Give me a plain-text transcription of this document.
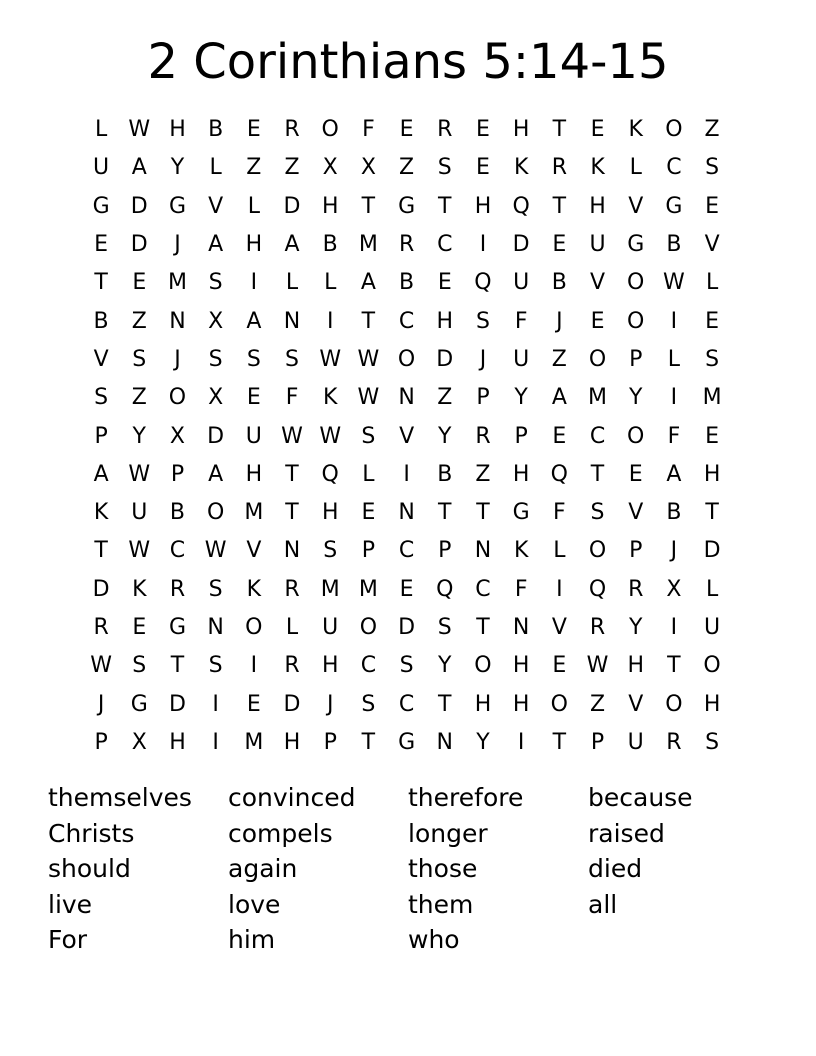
2 Corinthians 5:14-15
L W H	B	E	R O	F	E	R	E	H	T	E	K	O Z
U	A	Y	L	Z	Z	X	X	Z	S	E	K	R	K	L	C	S
G D G	V	L	D H	T	G	T	H Q	T	H	V	G	E
E	D	J	A	H	A	B M R	C	I	D	E	U G	B	V
T	E M S	I	L	L	A	B	E	Q U	B	V O W L
B	Z	N	X	A	N	I	T	C	H	S	F	J	E	O	I	E
V	S	J	S	S	S W W O D	J	U	Z O	P	L	S
S	Z O X	E	F	K W N	Z	P	Y	A M Y	I	M
P	Y	X	D U W W S	V	Y	R	P	E	C O	F	E
A W P	A	H	T	Q	L	I	B	Z	H Q	T	E	A	H
K	U	B O M T	H	E	N	T	T	G	F	S	V	B	T
T W C W V	N	S	P	C	P	N	K	L	O	P	J	D
D	K	R	S	K	R M M E	Q C	F	I	Q R	X	L
R	E	G N O	L	U O D	S	T	N	V	R	Y	I	U
W S	T	S	I	R	H	C	S	Y	O H	E W H	T	O
J	G D	I	E	D	J	S	C	T	H H O Z	V O H
P	X	H	I	M H	P	T	G N	Y	I	T	P	U	R	S
themselves
Christs
should
live
For
convinced
compels
again
love
him
therefore
longer
those
them
who
because
raised
died
all
